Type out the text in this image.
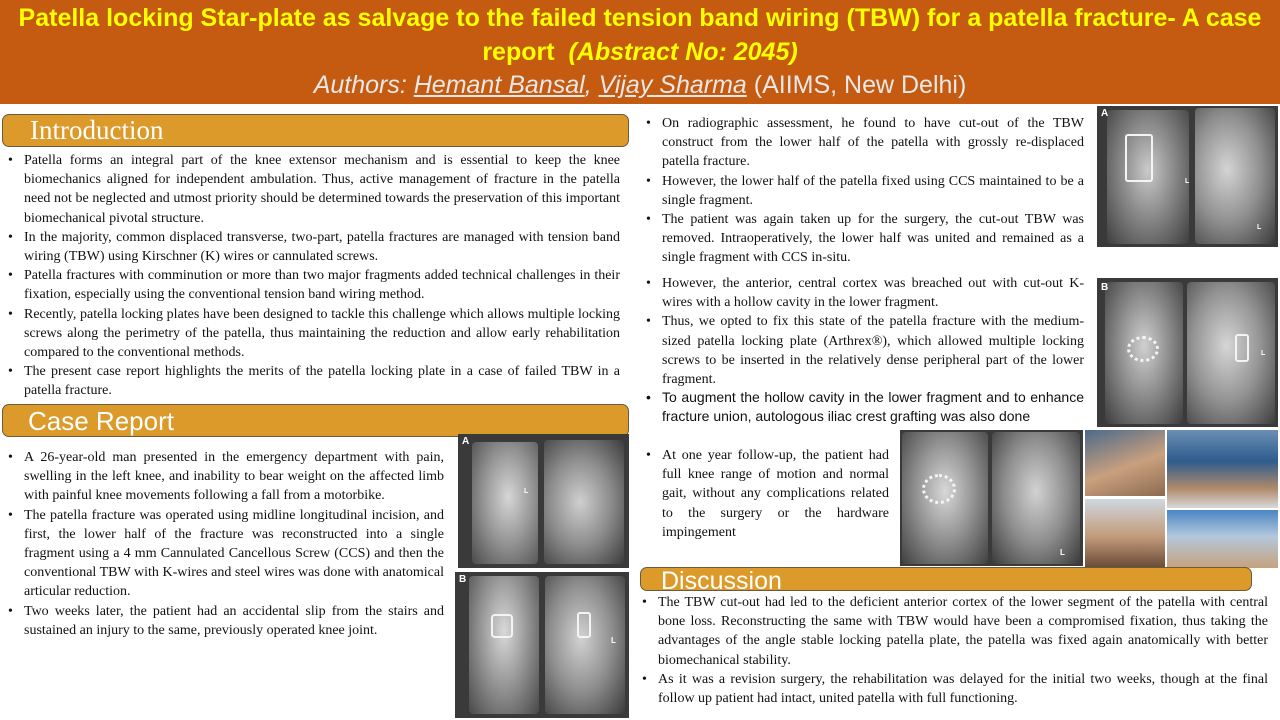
Patella locking Star-plate as salvage to the failed tension band wiring (TBW) for a patella fracture- A case report (Abstract No: 2045)
Authors: Hemant Bansal, Vijay Sharma (AIIMS, New Delhi)
Introduction
• Patella forms an integral part of the knee extensor mechanism and is essential to keep the knee biomechanics aligned for independent ambulation. Thus, active management of fracture in the patella need not be neglected and utmost priority should be determined towards the preservation of this important biomechanical pivotal structure.
• In the majority, common displaced transverse, two-part, patella fractures are managed with tension band wiring (TBW) using Kirschner (K) wires or cannulated screws.
• Patella fractures with comminution or more than two major fragments added technical challenges in their fixation, especially using the conventional tension band wiring method.
• Recently, patella locking plates have been designed to tackle this challenge which allows multiple locking screws along the perimetry of the patella, thus maintaining the reduction and allow early rehabilitation compared to the conventional methods.
• The present case report highlights the merits of the patella locking plate in a case of failed TBW in a patella fracture.
Case Report
• A 26-year-old man presented in the emergency department with pain, swelling in the left knee, and inability to bear weight on the affected limb with painful knee movements following a fall from a motorbike.
• The patella fracture was operated using midline longitudinal incision, and first, the lower half of the fracture was reconstructed into a single fragment using a 4 mm Cannulated Cancellous Screw (CCS) and then the conventional TBW with K-wires and steel wires was done with anatomical articular reduction.
• Two weeks later, the patient had an accidental slip from the stairs and sustained an injury to the same, previously operated knee joint.
A
L
B
L
• On radiographic assessment, he found to have cut-out of the TBW construct from the lower half of the patella with grossly re-displaced patella fracture.
• However, the lower half of the patella fixed using CCS maintained to be a single fragment.
• The patient was again taken up for the surgery, the cut-out TBW was removed. Intraoperatively, the lower half was united and remained as a single fragment with CCS in-situ.
• However, the anterior, central cortex was breached out with cut-out K- wires with a hollow cavity in the lower fragment.
• Thus, we opted to fix this state of the patella fracture with the medium-sized patella locking plate (Arthrex®), which allowed multiple locking screws to be inserted in the relatively dense peripheral part of the lower fragment.
• To augment the hollow cavity in the lower fragment and to enhance fracture union, autologous iliac crest grafting was also done
• At one year follow-up, the patient had full knee range of motion and normal gait, without any complications related to the surgery or the hardware impingement
A
L
L
B
L
L
Discussion
• The TBW cut-out had led to the deficient anterior cortex of the lower segment of the patella with central bone loss. Reconstructing the same with TBW would have been a compromised fixation, thus taking the advantages of the angle stable locking patella plate, the patella was fixed again anatomically with better biomechanical stability.
• As it was a revision surgery, the rehabilitation was delayed for the initial two weeks, though at the final follow up patient had intact, united patella with full functioning.
